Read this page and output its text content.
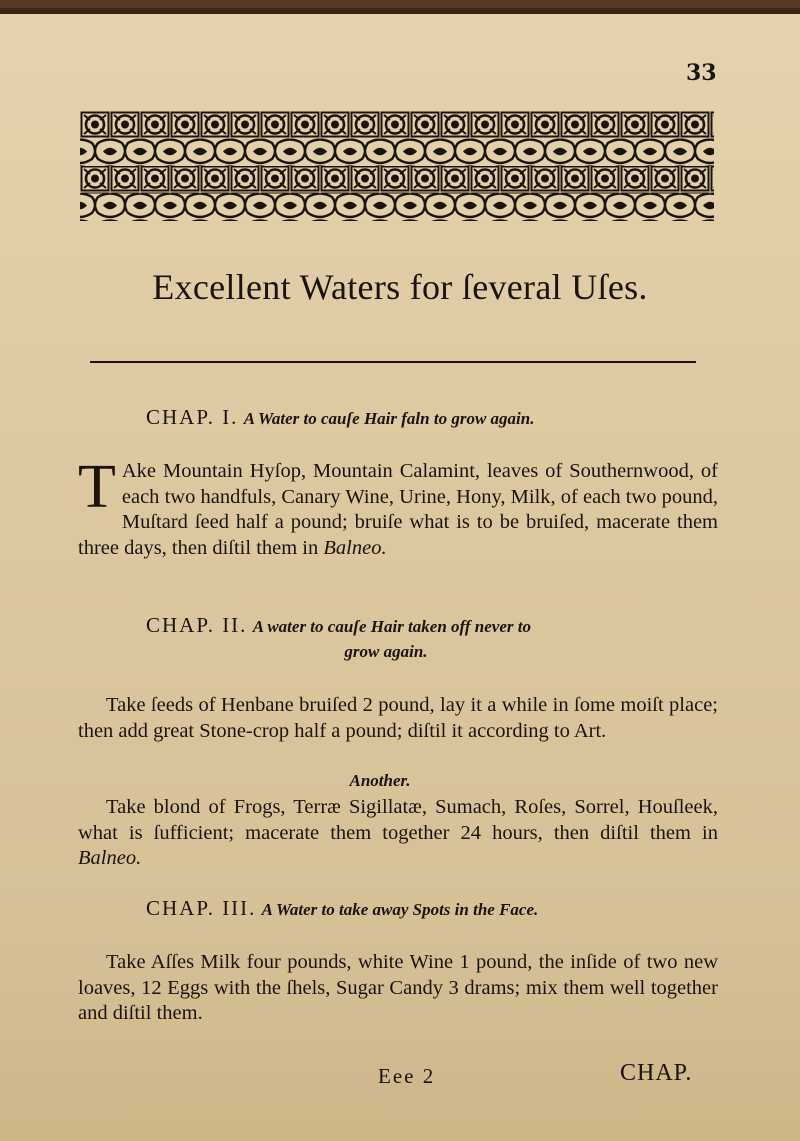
33
Excellent Waters for ſeveral Uſes.
CHAP. I. A Water to cauſe Hair faln to grow again.
T Ake Mountain Hyſop, Mountain Calamint, leaves of Southernwood, of each two handfuls, Canary Wine, Urine, Hony, Milk, of each two pound, Muſtard ſeed half a pound; bruiſe what is to be bruiſed, macerate them three days, then diſtil them in Balneo.
CHAP. II. A water to cauſe Hair taken off never to
grow again.
Take ſeeds of Henbane bruiſed 2 pound, lay it a while in ſome moiſt place; then add great Stone-crop half a pound; diſtil it according to Art.
Another.
Take blond of Frogs, Terræ Sigillatæ, Sumach, Roſes, Sorrel, Houſleek, what is ſufficient; macerate them together 24 hours, then diſtil them in Balneo.
CHAP. III. A Water to take away Spots in the Face.
Take Aſſes Milk four pounds, white Wine 1 pound, the inſide of two new loaves, 12 Eggs with the ſhels, Sugar Candy 3 drams; mix them well together and diſtil them.
Eee 2	CHAP.
